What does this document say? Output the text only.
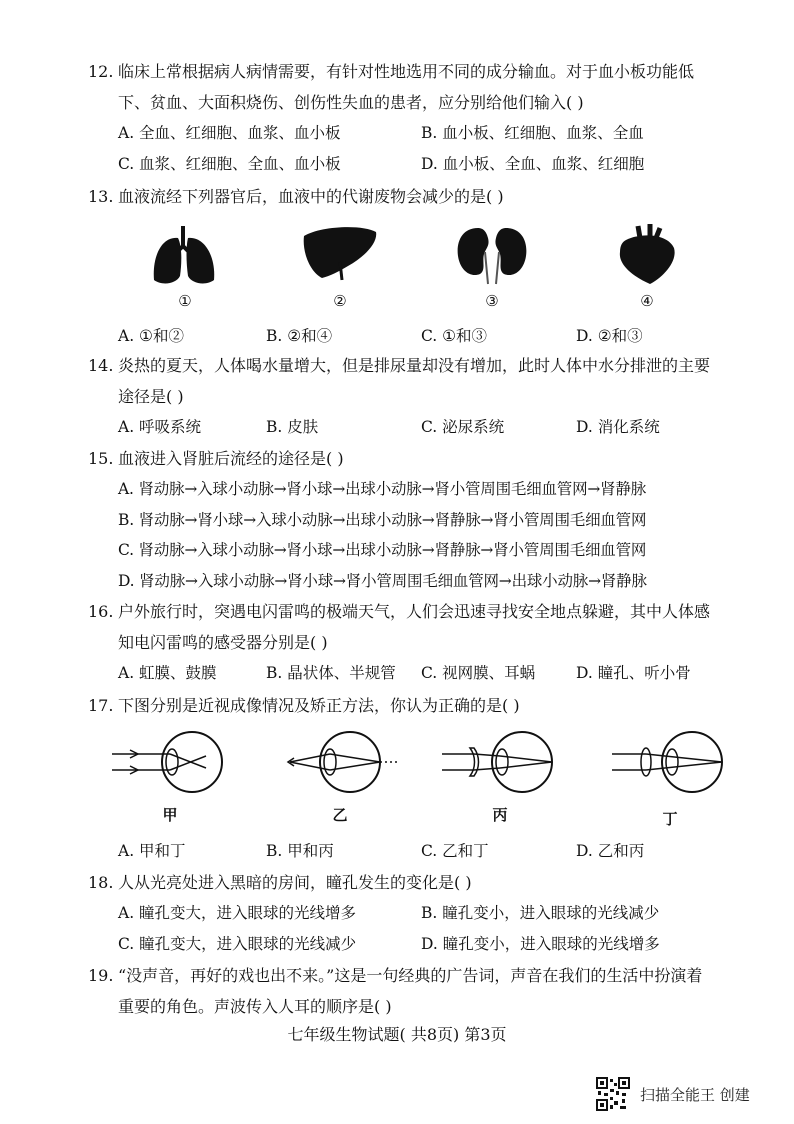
12. 临床上常根据病人病情需要，有针对性地选用不同的成分输血。对于血小板功能低
下、贫血、大面积烧伤、创伤性失血的患者，应分别给他们输入( )
A. 全血、红细胞、血浆、血小板	B. 血小板、红细胞、血浆、全血
C. 血浆、红细胞、全血、血小板	D. 血小板、全血、血浆、红细胞
13. 血液流经下列器官后，血液中的代谢废物会减少的是( )
①	②	③	④
A. ①和②	B. ②和④	C. ①和③	D. ②和③
14. 炎热的夏天，人体喝水量增大，但是排尿量却没有增加，此时人体中水分排泄的主要
途径是( )
A. 呼吸系统	B. 皮肤	C. 泌尿系统	D. 消化系统
15. 血液进入肾脏后流经的途径是( )
A. 肾动脉→入球小动脉→肾小球→出球小动脉→肾小管周围毛细血管网→肾静脉
B. 肾动脉→肾小球→入球小动脉→出球小动脉→肾静脉→肾小管周围毛细血管网
C. 肾动脉→入球小动脉→肾小球→出球小动脉→肾静脉→肾小管周围毛细血管网
D. 肾动脉→入球小动脉→肾小球→肾小管周围毛细血管网→出球小动脉→肾静脉
16. 户外旅行时，突遇电闪雷鸣的极端天气，人们会迅速寻找安全地点躲避，其中人体感
知电闪雷鸣的感受器分别是( )
A. 虹膜、鼓膜	B. 晶状体、半规管 C. 视网膜、耳蜗	D. 瞳孔、听小骨
17. 下图分别是近视成像情况及矫正方法，你认为正确的是( )
甲	乙	丙	丁
A. 甲和丁	B. 甲和丙	C. 乙和丁	D. 乙和丙
18. 人从光亮处进入黑暗的房间，瞳孔发生的变化是( )
A. 瞳孔变大，进入眼球的光线增多	B. 瞳孔变小，进入眼球的光线减少
C. 瞳孔变大，进入眼球的光线减少	D. 瞳孔变小，进入眼球的光线增多
19. “没声音，再好的戏也出不来。”这是一句经典的广告词，声音在我们的生活中扮演着
重要的角色。声波传入人耳的顺序是( )
七年级生物试题( 共8页) 第3页
扫描全能王 创建
